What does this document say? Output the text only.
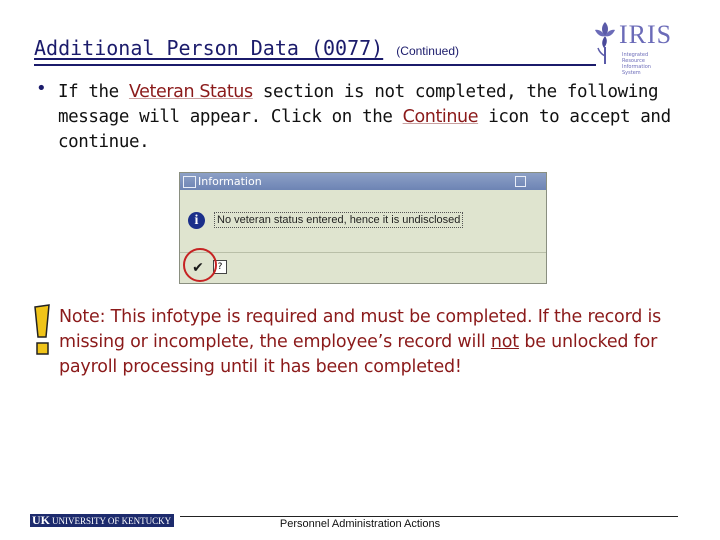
Additional Person Data (0077) (Continued)
IRIS
Integrated Resource Information System
• If the Veteran Status section is not completed, the following message will appear. Click on the Continue icon to accept and continue.
Information
i	No veteran status entered, hence it is undisclosed
✔	?
Note: This infotype is required and must be completed. If the record is missing or incomplete, the employee’s record will not be unlocked for payroll processing until it has been completed!
UK UNIVERSITY OF KENTUCKY	Personnel Administration Actions
